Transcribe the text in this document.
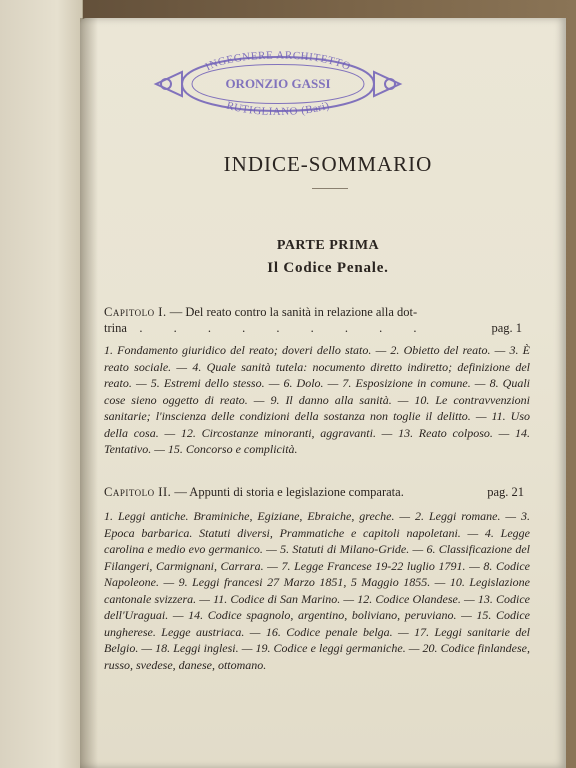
INGEGNERE ARCHITETTO
ORONZIO GASSI
RUTIGLIANO (Bari)
INDICE-SOMMARIO
PARTE PRIMA
Il Codice Penale.
Capitolo I. — Del reato contro la sanità in relazione alla dot-
trina . . . . . . . . .	pag. 1
1. Fondamento giuridico del reato; doveri dello stato. — 2. Obietto del reato. — 3. È reato sociale. — 4. Quale sanità tutela: nocumento diretto indiretto; definizione del reato. — 5. Estremi dello stesso. — 6. Dolo. — 7. Esposizione in comune. — 8. Quali cose sieno oggetto di reato. — 9. Il danno alla sanità. — 10. Le contravvenzioni sanitarie; l'inscienza delle condizioni della sostanza non toglie il delitto. — 11. Uso della cosa. — 12. Circostanze minoranti, aggravanti. — 13. Reato colposo. — 14. Tentativo. — 15. Concorso e complicità.
Capitolo II. — Appunti di storia e legislazione comparata.	pag. 21
1. Leggi antiche. Braminiche, Egiziane, Ebraiche, greche. — 2. Leggi romane. — 3. Epoca barbarica. Statuti diversi, Prammatiche e capitoli napoletani. — 4. Legge carolina e medio evo germanico. — 5. Statuti di Milano-Gride. — 6. Classificazione del Filangeri, Carmignani, Carrara. — 7. Legge Francese 19-22 luglio 1791. — 8. Codice Napoleone. — 9. Leggi francesi 27 Marzo 1851, 5 Maggio 1855. — 10. Legislazione cantonale svizzera. — 11. Codice di San Marino. — 12. Codice Olandese. — 13. Codice dell'Uraguai. — 14. Codice spagnolo, argentino, boliviano, peruviano. — 15. Codice ungherese. Legge austriaca. — 16. Codice penale belga. — 17. Leggi sanitarie del Belgio. — 18. Leggi inglesi. — 19. Codice e leggi germaniche. — 20. Codice finlandese, russo, svedese, danese, ottomano.
